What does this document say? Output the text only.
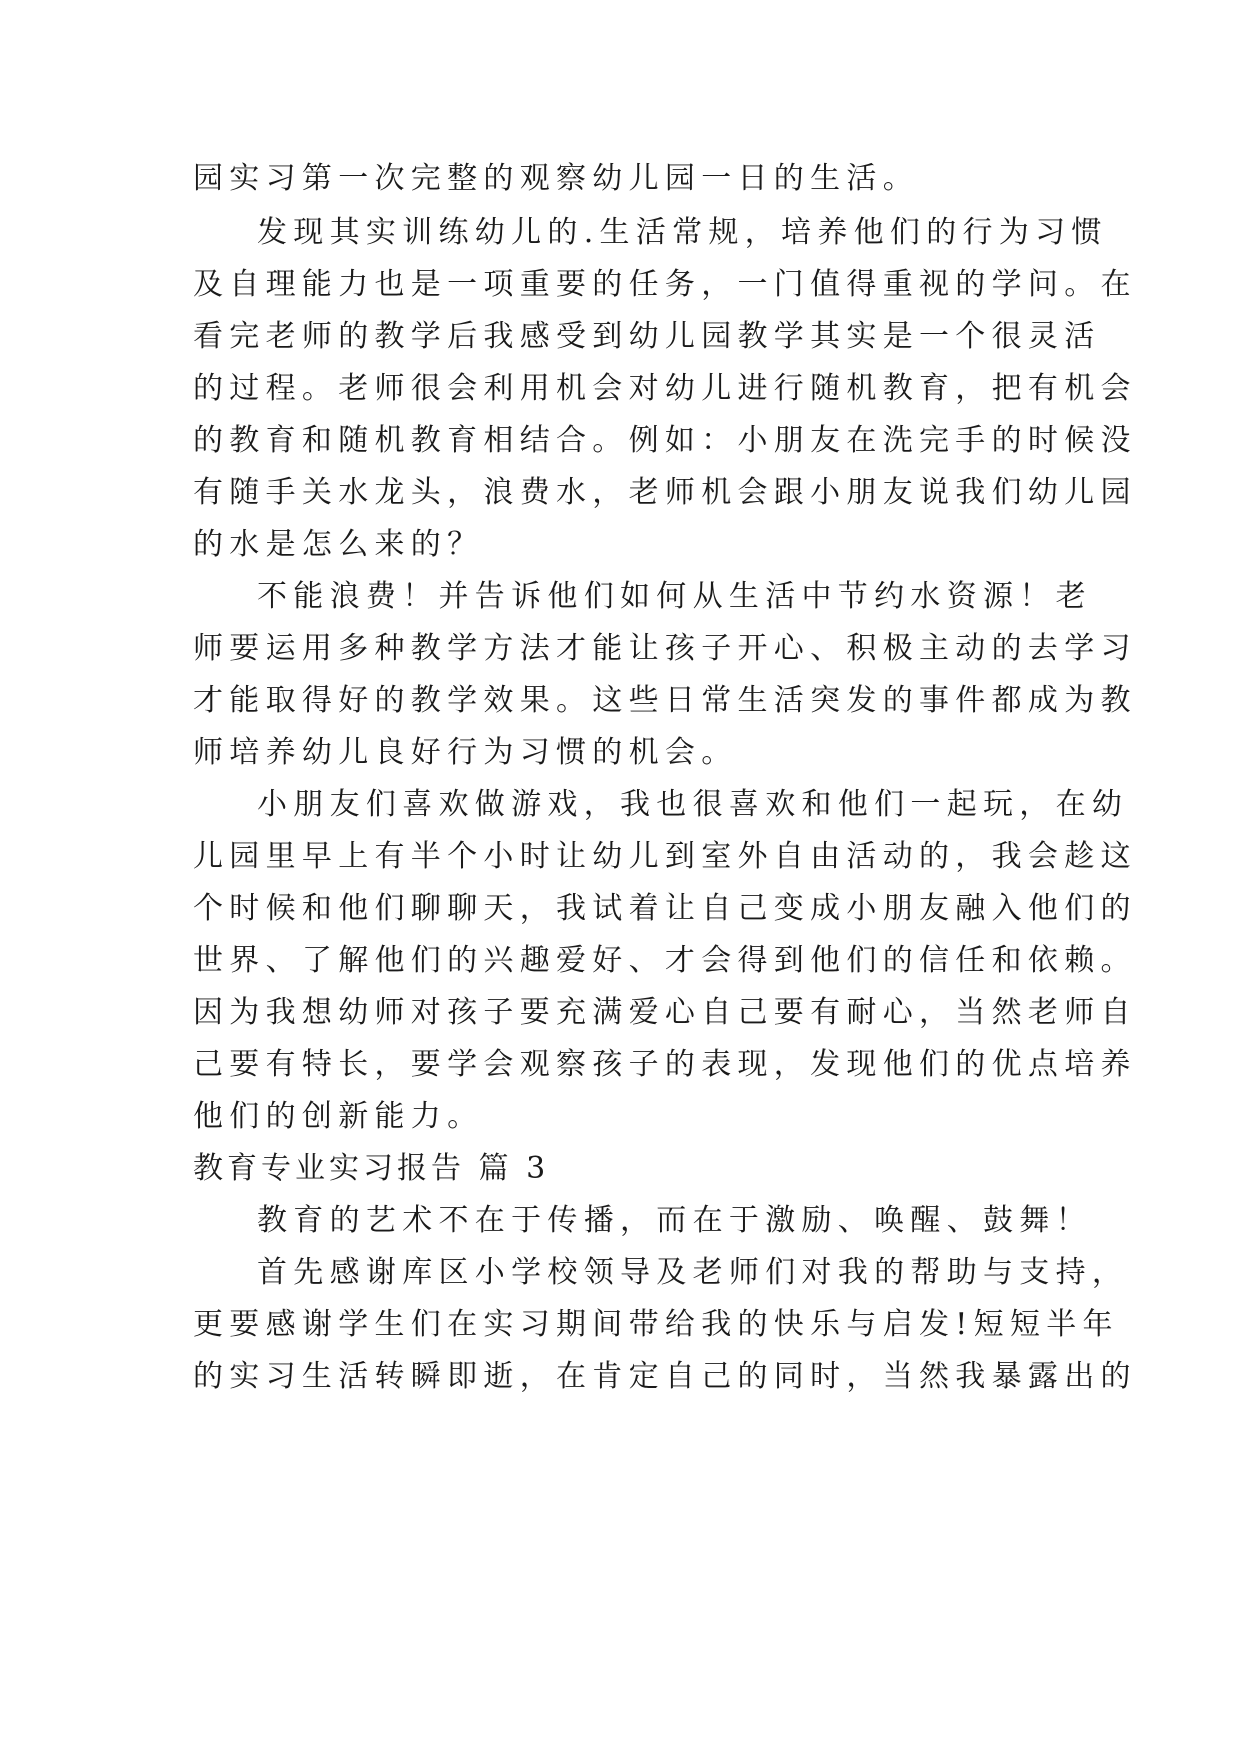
园实习第一次完整的观察幼儿园一日的生活。
发现其实训练幼儿的.生活常规，培养他们的行为习惯
及自理能力也是一项重要的任务，一门值得重视的学问。在
看完老师的教学后我感受到幼儿园教学其实是一个很灵活
的过程。老师很会利用机会对幼儿进行随机教育，把有机会
的教育和随机教育相结合。例如：小朋友在洗完手的时候没
有随手关水龙头，浪费水，老师机会跟小朋友说我们幼儿园
的水是怎么来的？
不能浪费！并告诉他们如何从生活中节约水资源！老
师要运用多种教学方法才能让孩子开心、积极主动的去学习
才能取得好的教学效果。这些日常生活突发的事件都成为教
师培养幼儿良好行为习惯的机会。
小朋友们喜欢做游戏，我也很喜欢和他们一起玩，在幼
儿园里早上有半个小时让幼儿到室外自由活动的，我会趁这
个时候和他们聊聊天，我试着让自己变成小朋友融入他们的
世界、了解他们的兴趣爱好、才会得到他们的信任和依赖。
因为我想幼师对孩子要充满爱心自己要有耐心，当然老师自
己要有特长，要学会观察孩子的表现，发现他们的优点培养
他们的创新能力。
教育专业实习报告 篇 3
教育的艺术不在于传播，而在于激励、唤醒、鼓舞！
首先感谢库区小学校领导及老师们对我的帮助与支持，
更要感谢学生们在实习期间带给我的快乐与启发!短短半年
的实习生活转瞬即逝，在肯定自己的同时，当然我暴露出的
